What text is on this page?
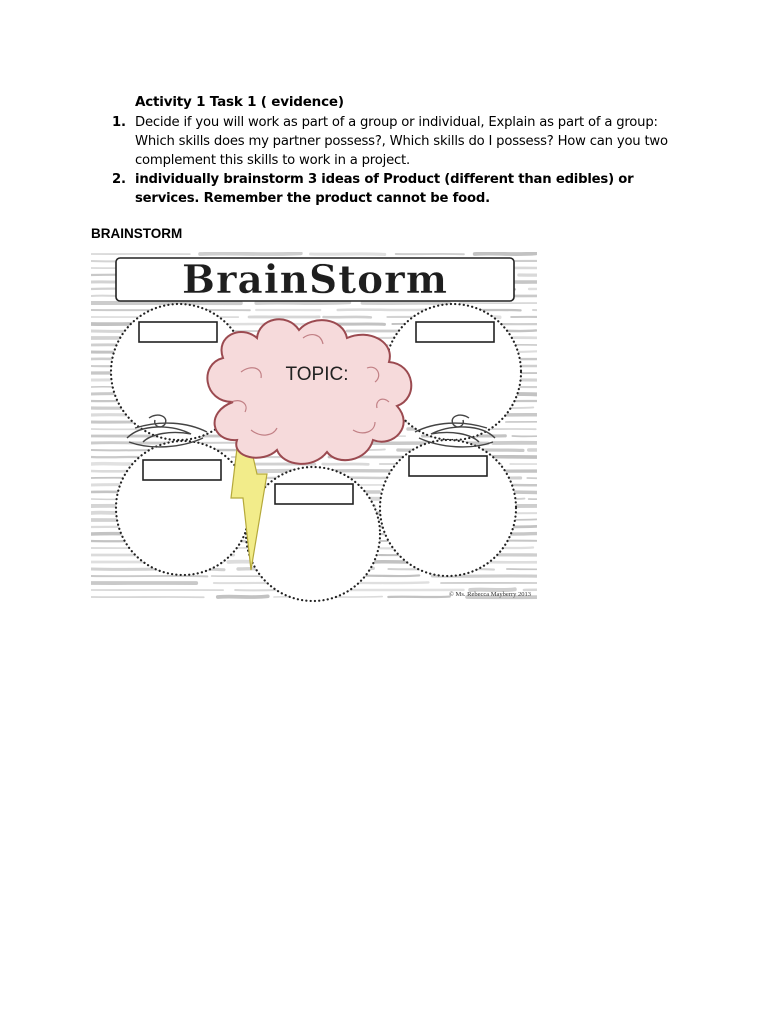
Activity 1 Task 1 ( evidence)
1. Decide if you will work as part of a group or individual, Explain as part of a group: Which skills does my partner possess?, Which skills do I possess? How can you two complement this skills to work in a project.
2. individually brainstorm 3 ideas of Product (different than edibles) or services. Remember the product cannot be food.
BRAINSTORM
BrainStorm
TOPIC:
© Ms. Rebecca Mayberry 2013
